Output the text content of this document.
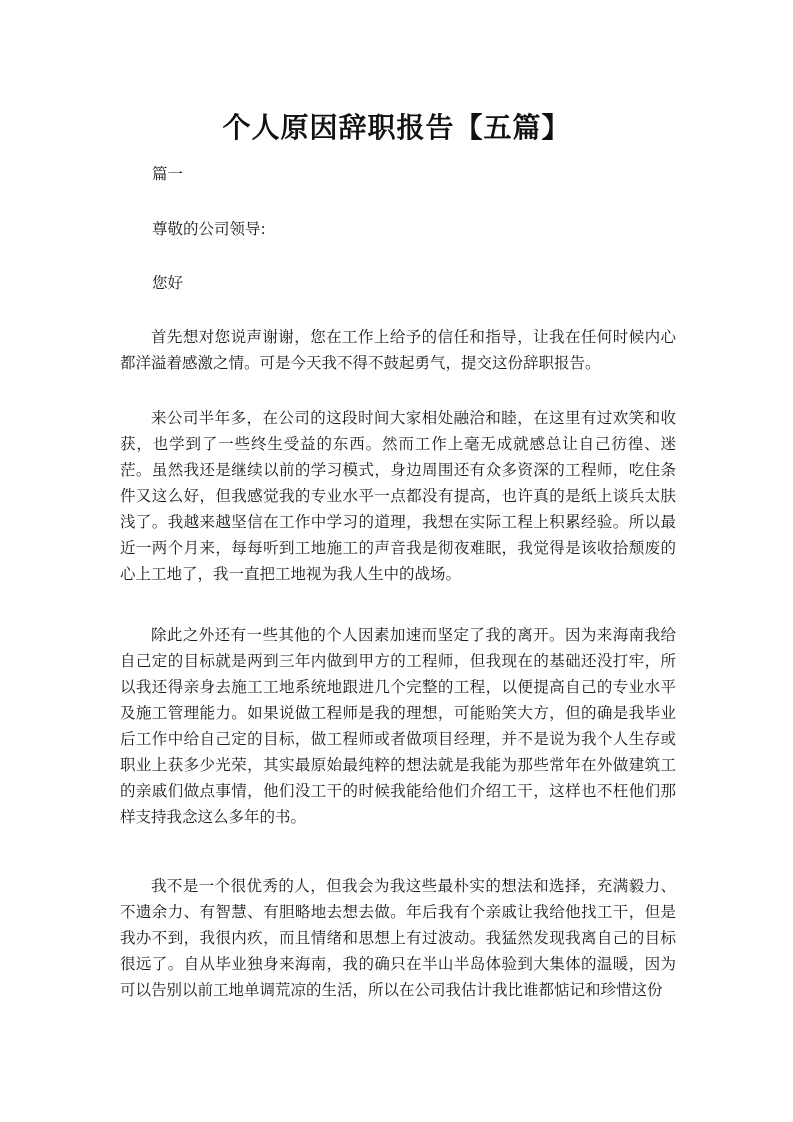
个人原因辞职报告【五篇】
篇一
尊敬的公司领导:
您好
首先想对您说声谢谢，您在工作上给予的信任和指导，让我在任何时候内心都洋溢着感激之情。可是今天我不得不鼓起勇气，提交这份辞职报告。
来公司半年多，在公司的这段时间大家相处融洽和睦，在这里有过欢笑和收获，也学到了一些终生受益的东西。然而工作上毫无成就感总让自己彷徨、迷茫。虽然我还是继续以前的学习模式，身边周围还有众多资深的工程师，吃住条件又这么好，但我感觉我的专业水平一点都没有提高，也许真的是纸上谈兵太肤浅了。我越来越坚信在工作中学习的道理，我想在实际工程上积累经验。所以最近一两个月来，每每听到工地施工的声音我是彻夜难眠，我觉得是该收拾颓废的心上工地了，我一直把工地视为我人生中的战场。
除此之外还有一些其他的个人因素加速而坚定了我的离开。因为来海南我给自己定的目标就是两到三年内做到甲方的工程师，但我现在的基础还没打牢，所以我还得亲身去施工工地系统地跟进几个完整的工程，以便提高自己的专业水平及施工管理能力。如果说做工程师是我的理想，可能贻笑大方，但的确是我毕业后工作中给自己定的目标，做工程师或者做项目经理，并不是说为我个人生存或职业上获多少光荣，其实最原始最纯粹的想法就是我能为那些常年在外做建筑工的亲戚们做点事情，他们没工干的时候我能给他们介绍工干，这样也不枉他们那样支持我念这么多年的书。
我不是一个很优秀的人，但我会为我这些最朴实的想法和选择，充满毅力、不遗余力、有智慧、有胆略地去想去做。年后我有个亲戚让我给他找工干，但是我办不到，我很内疚，而且情绪和思想上有过波动。我猛然发现我离自己的目标很远了。自从毕业独身来海南，我的确只在半山半岛体验到大集体的温暖，因为可以告别以前工地单调荒凉的生活，所以在公司我估计我比谁都惦记和珍惜这份
